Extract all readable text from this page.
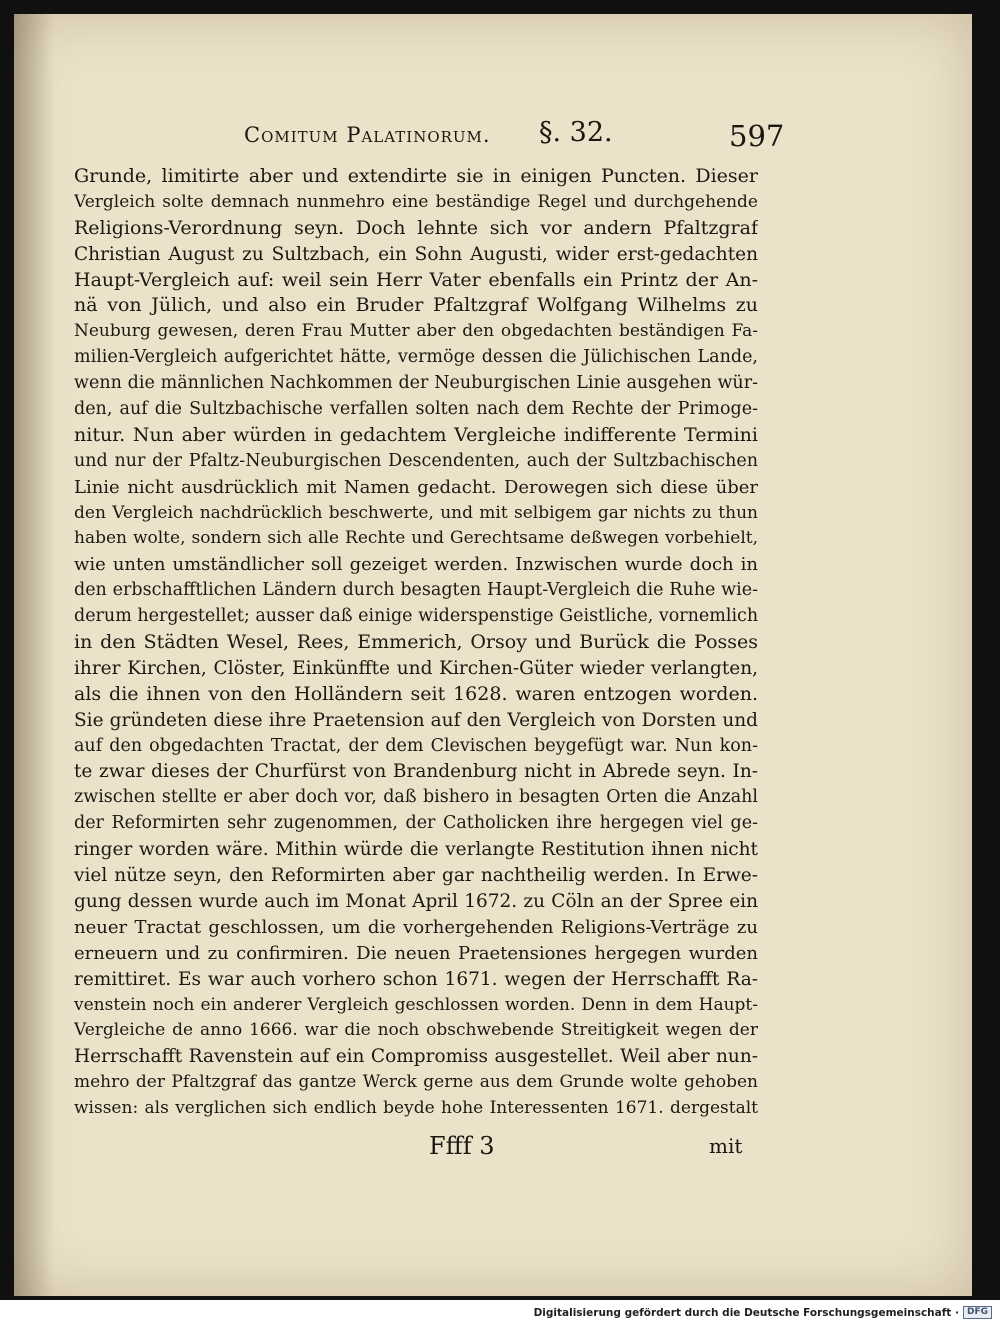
Comitum Palatinorum. §. 32.	597
Grunde, limitirte aber und extendirte sie in einigen Puncten. Dieser
Vergleich solte demnach nunmehro eine beständige Regel und durchgehende
Religions-Verordnung seyn. Doch lehnte sich vor andern Pfaltzgraf
Christian August zu Sultzbach, ein Sohn Augusti, wider erst-gedachten
Haupt-Vergleich auf: weil sein Herr Vater ebenfalls ein Printz der An-
nä von Jülich, und also ein Bruder Pfaltzgraf Wolfgang Wilhelms zu
Neuburg gewesen, deren Frau Mutter aber den obgedachten beständigen Fa-
milien-Vergleich aufgerichtet hätte, vermöge dessen die Jülichischen Lande,
wenn die männlichen Nachkommen der Neuburgischen Linie ausgehen wür-
den, auf die Sultzbachische verfallen solten nach dem Rechte der Primoge-
nitur. Nun aber würden in gedachtem Vergleiche indifferente Termini
und nur der Pfaltz-Neuburgischen Descendenten, auch der Sultzbachischen
Linie nicht ausdrücklich mit Namen gedacht. Derowegen sich diese über
den Vergleich nachdrücklich beschwerte, und mit selbigem gar nichts zu thun
haben wolte, sondern sich alle Rechte und Gerechtsame deßwegen vorbehielt,
wie unten umständlicher soll gezeiget werden. Inzwischen wurde doch in
den erbschafftlichen Ländern durch besagten Haupt-Vergleich die Ruhe wie-
derum hergestellet; ausser daß einige widerspenstige Geistliche, vornemlich
in den Städten Wesel, Rees, Emmerich, Orsoy und Burück die Posses
ihrer Kirchen, Clöster, Einkünffte und Kirchen-Güter wieder verlangten,
als die ihnen von den Holländern seit 1628. waren entzogen worden.
Sie gründeten diese ihre Praetension auf den Vergleich von Dorsten und
auf den obgedachten Tractat, der dem Clevischen beygefügt war. Nun kon-
te zwar dieses der Churfürst von Brandenburg nicht in Abrede seyn. In-
zwischen stellte er aber doch vor, daß bishero in besagten Orten die Anzahl
der Reformirten sehr zugenommen, der Catholicken ihre hergegen viel ge-
ringer worden wäre. Mithin würde die verlangte Restitution ihnen nicht
viel nütze seyn, den Reformirten aber gar nachtheilig werden. In Erwe-
gung dessen wurde auch im Monat April 1672. zu Cöln an der Spree ein
neuer Tractat geschlossen, um die vorhergehenden Religions-Verträge zu
erneuern und zu confirmiren. Die neuen Praetensiones hergegen wurden
remittiret. Es war auch vorhero schon 1671. wegen der Herrschafft Ra-
venstein noch ein anderer Vergleich geschlossen worden. Denn in dem Haupt-
Vergleiche de anno 1666. war die noch obschwebende Streitigkeit wegen der
Herrschafft Ravenstein auf ein Compromiss ausgestellet. Weil aber nun-
mehro der Pfaltzgraf das gantze Werck gerne aus dem Grunde wolte gehoben
wissen: als verglichen sich endlich beyde hohe Interessenten 1671. dergestalt
Ffff 3	mit
Digitalisierung gefördert durch die Deutsche Forschungsgemeinschaft · DFG
